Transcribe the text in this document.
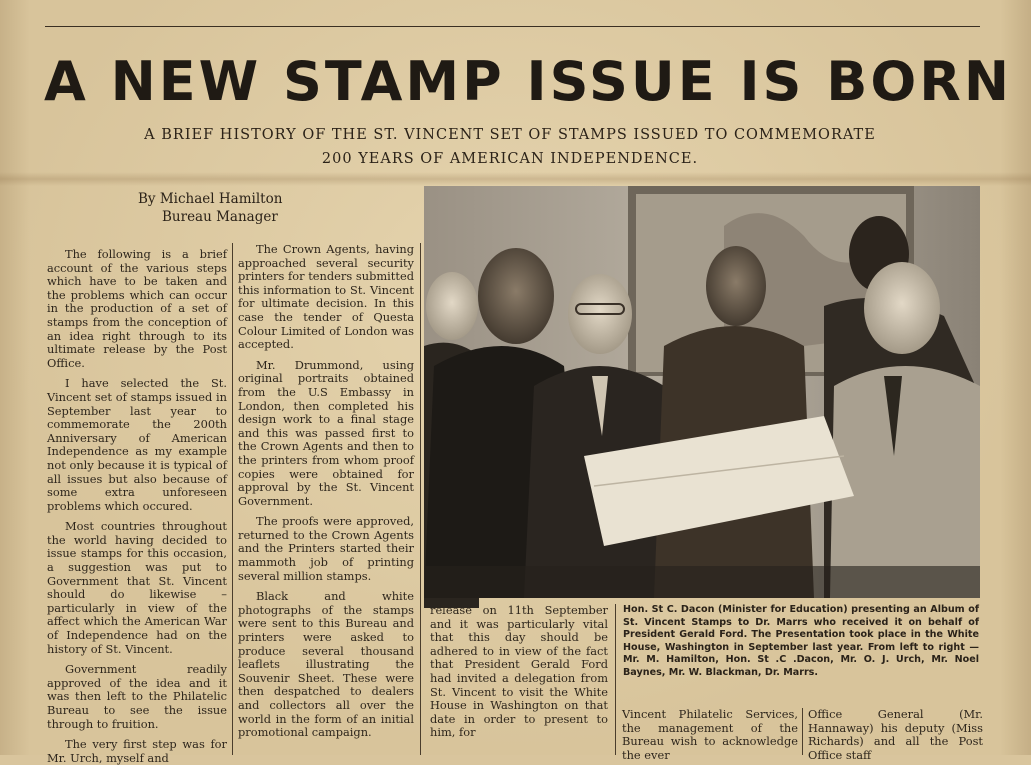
A NEW STAMP ISSUE IS BORN
A BRIEF HISTORY OF THE ST. VINCENT SET OF STAMPS ISSUED TO COMMEMORATE
200 YEARS OF AMERICAN INDEPENDENCE.
By Michael Hamilton
Bureau Manager

The following is a brief account of the various steps which have to be taken and the problems which can occur in the production of a set of stamps from the conception of an idea right through to its ultimate release by the Post Office.

I have selected the St. Vincent set of stamps issued in September last year to commemorate the 200th Anniversary of American Independence as my example not only because it is typical of all issues but also because of some extra unforeseen problems which occured.

Most countries throughout the world having decided to issue stamps for this occasion, a suggestion was put to Government that St. Vincent should do likewise – particularly in view of the affect which the American War of Independence had on the history of St. Vincent.

Government readily approved of the idea and it was then left to the Philatelic Bureau to see the issue through to fruition.

The very first step was for Mr. Urch, myself and

The Crown Agents, having approached several security printers for tenders submitted this information to St. Vincent for ultimate decision. In this case the tender of Questa Colour Limited of London was accepted.

Mr. Drummond, using original portraits obtained from the U.S Embassy in London, then completed his design work to a final stage and this was passed first to the Crown Agents and then to the printers from whom proof copies were obtained for approval by the St. Vincent Government.

The proofs were approved, returned to the Crown Agents and the Printers started their mammoth job of printing several million stamps.

Black and white photographs of the stamps were sent to this Bureau and printers were asked to produce several thousand leaflets illustrating the Souvenir Sheet. These were then despatched to dealers and collectors all over the world in the form of an initial promotional campaign.

release on 11th September and it was particularly vital that this day should be adhered to in view of the fact that President Gerald Ford had invited a delegation from St. Vincent to visit the White House in Washington on that date in order to present to him, for

Hon. St C. Dacon (Minister for Education) presenting an Album of St. Vincent Stamps to Dr. Marrs who received it on behalf of President Gerald Ford. The Presentation took place in the White House, Washington in September last year. From left to right — Mr. M. Hamilton, Hon. St .C .Dacon, Mr. O. J. Urch, Mr. Noel Baynes, Mr. W. Blackman, Dr. Marrs.

Vincent Philatelic Services, the management of the Bureau wish to acknowledge the ever

Office General (Mr. Hannaway) his deputy (Miss Richards) and all the Post Office staff
